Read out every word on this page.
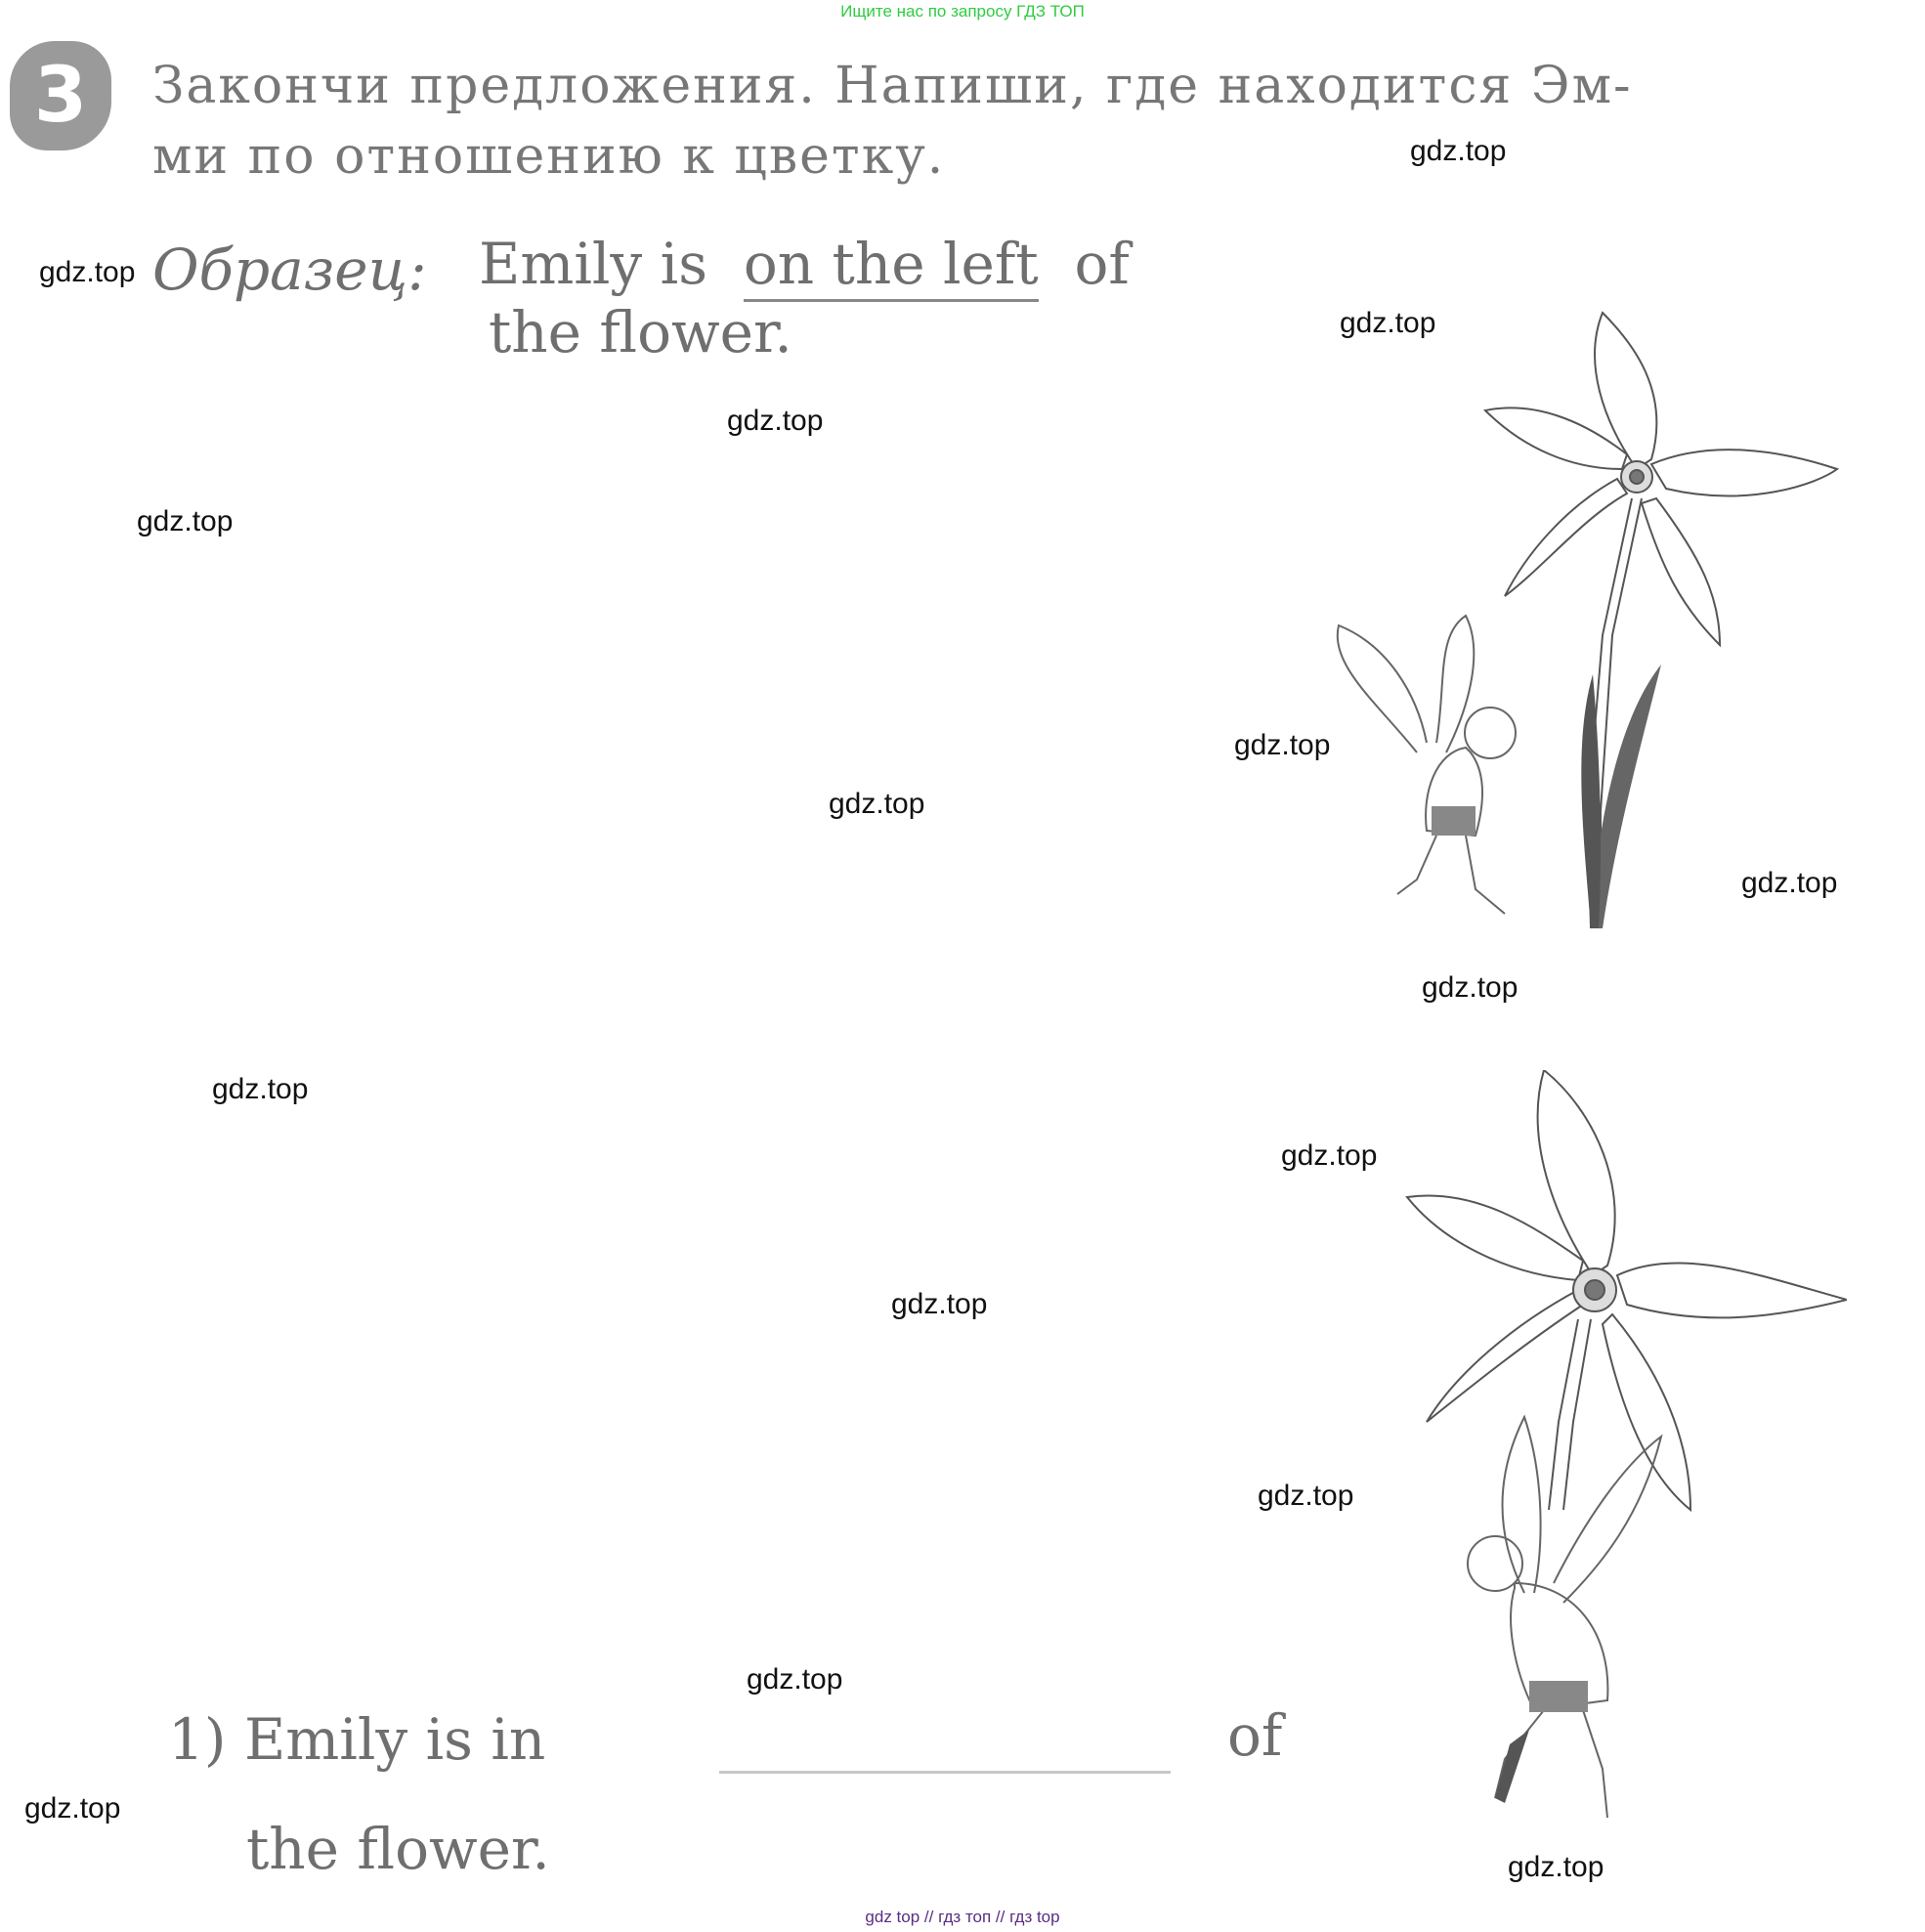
Ищите нас по запросу ГДЗ ТОП
3 Закончи предложения. Напиши, где находится Эм-
ми по отношению к цветку.
Образец: Emily is on the left of
the flower.
1) Emily is in	of
the flower.
gdz.top
gdz.top
gdz.top
gdz.top
gdz.top
gdz.top
gdz.top
gdz.top
gdz.top
gdz.top
gdz.top
gdz.top
gdz.top
gdz.top
gdz.top
gdz.top
gdz top // гдз топ // гдз top
